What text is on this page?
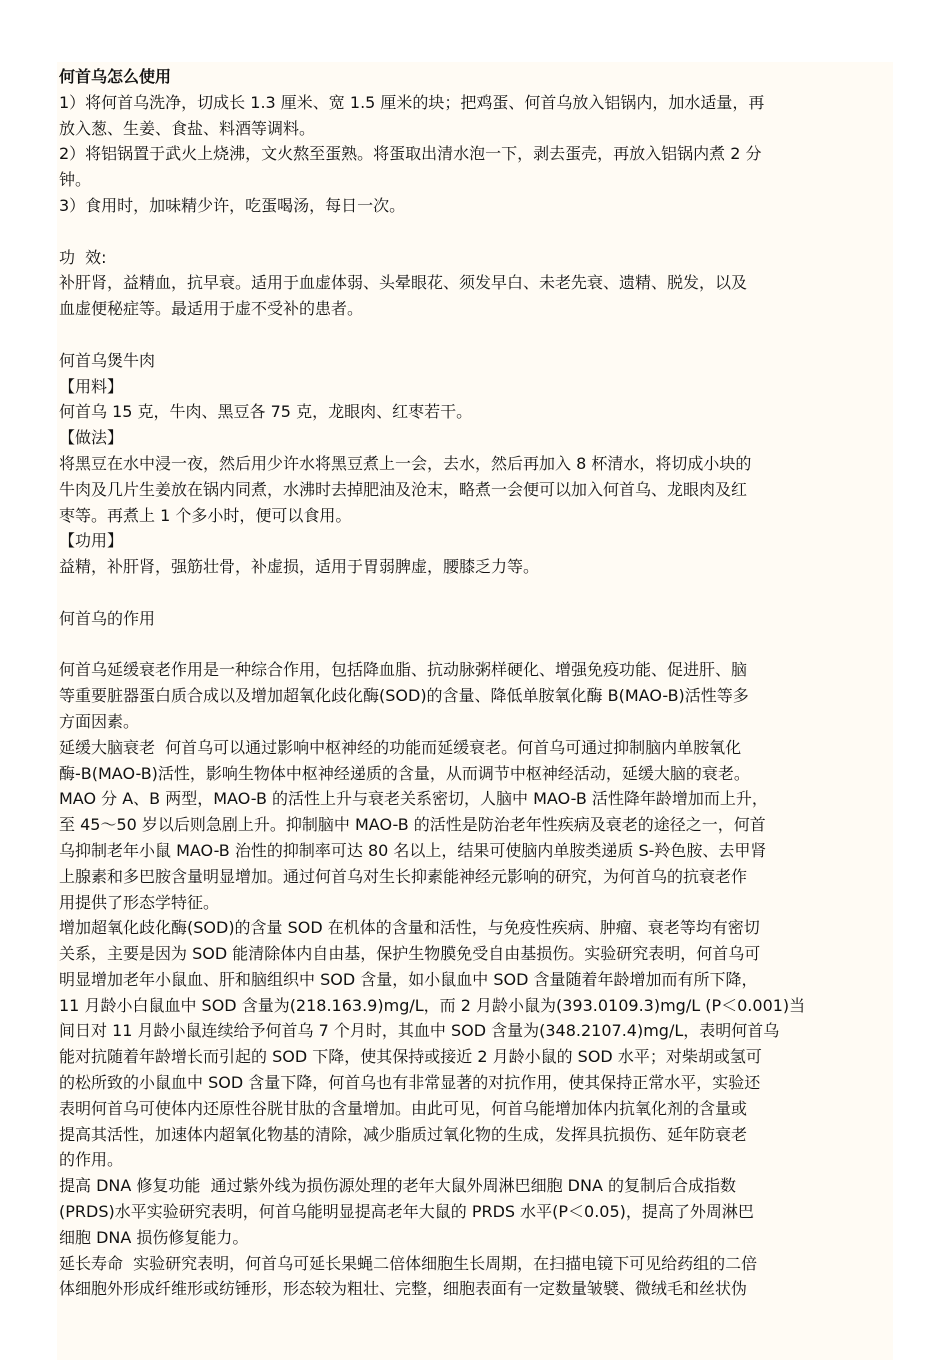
何首乌怎么使用

1）将何首乌洗净，切成长 1.3 厘米、宽 1.5 厘米的块；把鸡蛋、何首乌放入铝锅内，加水适量，再

放入葱、生姜、食盐、料酒等调料。

2）将铝锅置于武火上烧沸，文火熬至蛋熟。将蛋取出清水泡一下，剥去蛋壳，再放入铝锅内煮 2 分

钟。

3）食用时，加味精少许，吃蛋喝汤，每日一次。

功  效:

补肝肾，益精血，抗早衰。适用于血虚体弱、头晕眼花、须发早白、未老先衰、遗精、脱发，以及

血虚便秘症等。最适用于虚不受补的患者。

何首乌煲牛肉

【用料】

何首乌 15 克，牛肉、黑豆各 75 克，龙眼肉、红枣若干。

【做法】

将黑豆在水中浸一夜，然后用少许水将黑豆煮上一会，去水，然后再加入 8 杯清水，将切成小块的

牛肉及几片生姜放在锅内同煮，水沸时去掉肥油及沧末，略煮一会便可以加入何首乌、龙眼肉及红

枣等。再煮上 1 个多小时，便可以食用。

【功用】

益精，补肝肾，强筋壮骨，补虚损，适用于胃弱脾虚，腰膝乏力等。

何首乌的作用

何首乌延缓衰老作用是一种综合作用，包括降血脂、抗动脉粥样硬化、增强免疫功能、促进肝、脑

等重要脏器蛋白质合成以及增加超氧化歧化酶(SOD)的含量、降低单胺氧化酶 B(MAO-B)活性等多

方面因素。

延缓大脑衰老  何首乌可以通过影响中枢神经的功能而延缓衰老。何首乌可通过抑制脑内单胺氧化

酶-B(MAO-B)活性，影响生物体中枢神经递质的含量，从而调节中枢神经活动，延缓大脑的衰老。

MAO 分 A、B 两型，MAO-B 的活性上升与衰老关系密切，人脑中 MAO-B 活性降年龄增加而上升，

至 45～50 岁以后则急剧上升。抑制脑中 MAO-B 的活性是防治老年性疾病及衰老的途径之一，何首

乌抑制老年小鼠 MAO-B 治性的抑制率可达 80 名以上，结果可使脑内单胺类递质 S-羚色胺、去甲肾

上腺素和多巴胺含量明显增加。通过何首乌对生长抑素能神经元影响的研究，为何首乌的抗衰老作

用提供了形态学特征。

增加超氧化歧化酶(SOD)的含量 SOD 在机体的含量和活性，与免疫性疾病、肿瘤、衰老等均有密切

关系，主要是因为 SOD 能清除体内自由基，保护生物膜免受自由基损伤。实验研究表明，何首乌可

明显增加老年小鼠血、肝和脑组织中 SOD 含量，如小鼠血中 SOD 含量随着年龄增加而有所下降，

11 月龄小白鼠血中 SOD 含量为(218.163.9)mg/L，而 2 月龄小鼠为(393.0109.3)mg/L (P＜0.001)当

间日对 11 月龄小鼠连续给予何首乌 7 个月时，其血中 SOD 含量为(348.2107.4)mg/L，表明何首乌

能对抗随着年龄增长而引起的 SOD 下降，使其保持或接近 2 月龄小鼠的 SOD 水平；对柴胡或氢可

的松所致的小鼠血中 SOD 含量下降，何首乌也有非常显著的对抗作用，使其保持正常水平，实验还

表明何首乌可使体内还原性谷胱甘肽的含量增加。由此可见，何首乌能增加体内抗氧化剂的含量或

提高其活性，加速体内超氧化物基的清除，减少脂质过氧化物的生成，发挥具抗损伤、延年防衰老

的作用。

提高 DNA 修复功能  通过紫外线为损伤源处理的老年大鼠外周淋巴细胞 DNA 的复制后合成指数

(PRDS)水平实验研究表明，何首乌能明显提高老年大鼠的 PRDS 水平(P＜0.05)，提高了外周淋巴

细胞 DNA 损伤修复能力。

延长寿命  实验研究表明，何首乌可延长果蝇二倍体细胞生长周期，在扫描电镜下可见给药组的二倍

体细胞外形成纤维形或纺锤形，形态较为粗壮、完整，细胞表面有一定数量皱襞、微绒毛和丝状伪
